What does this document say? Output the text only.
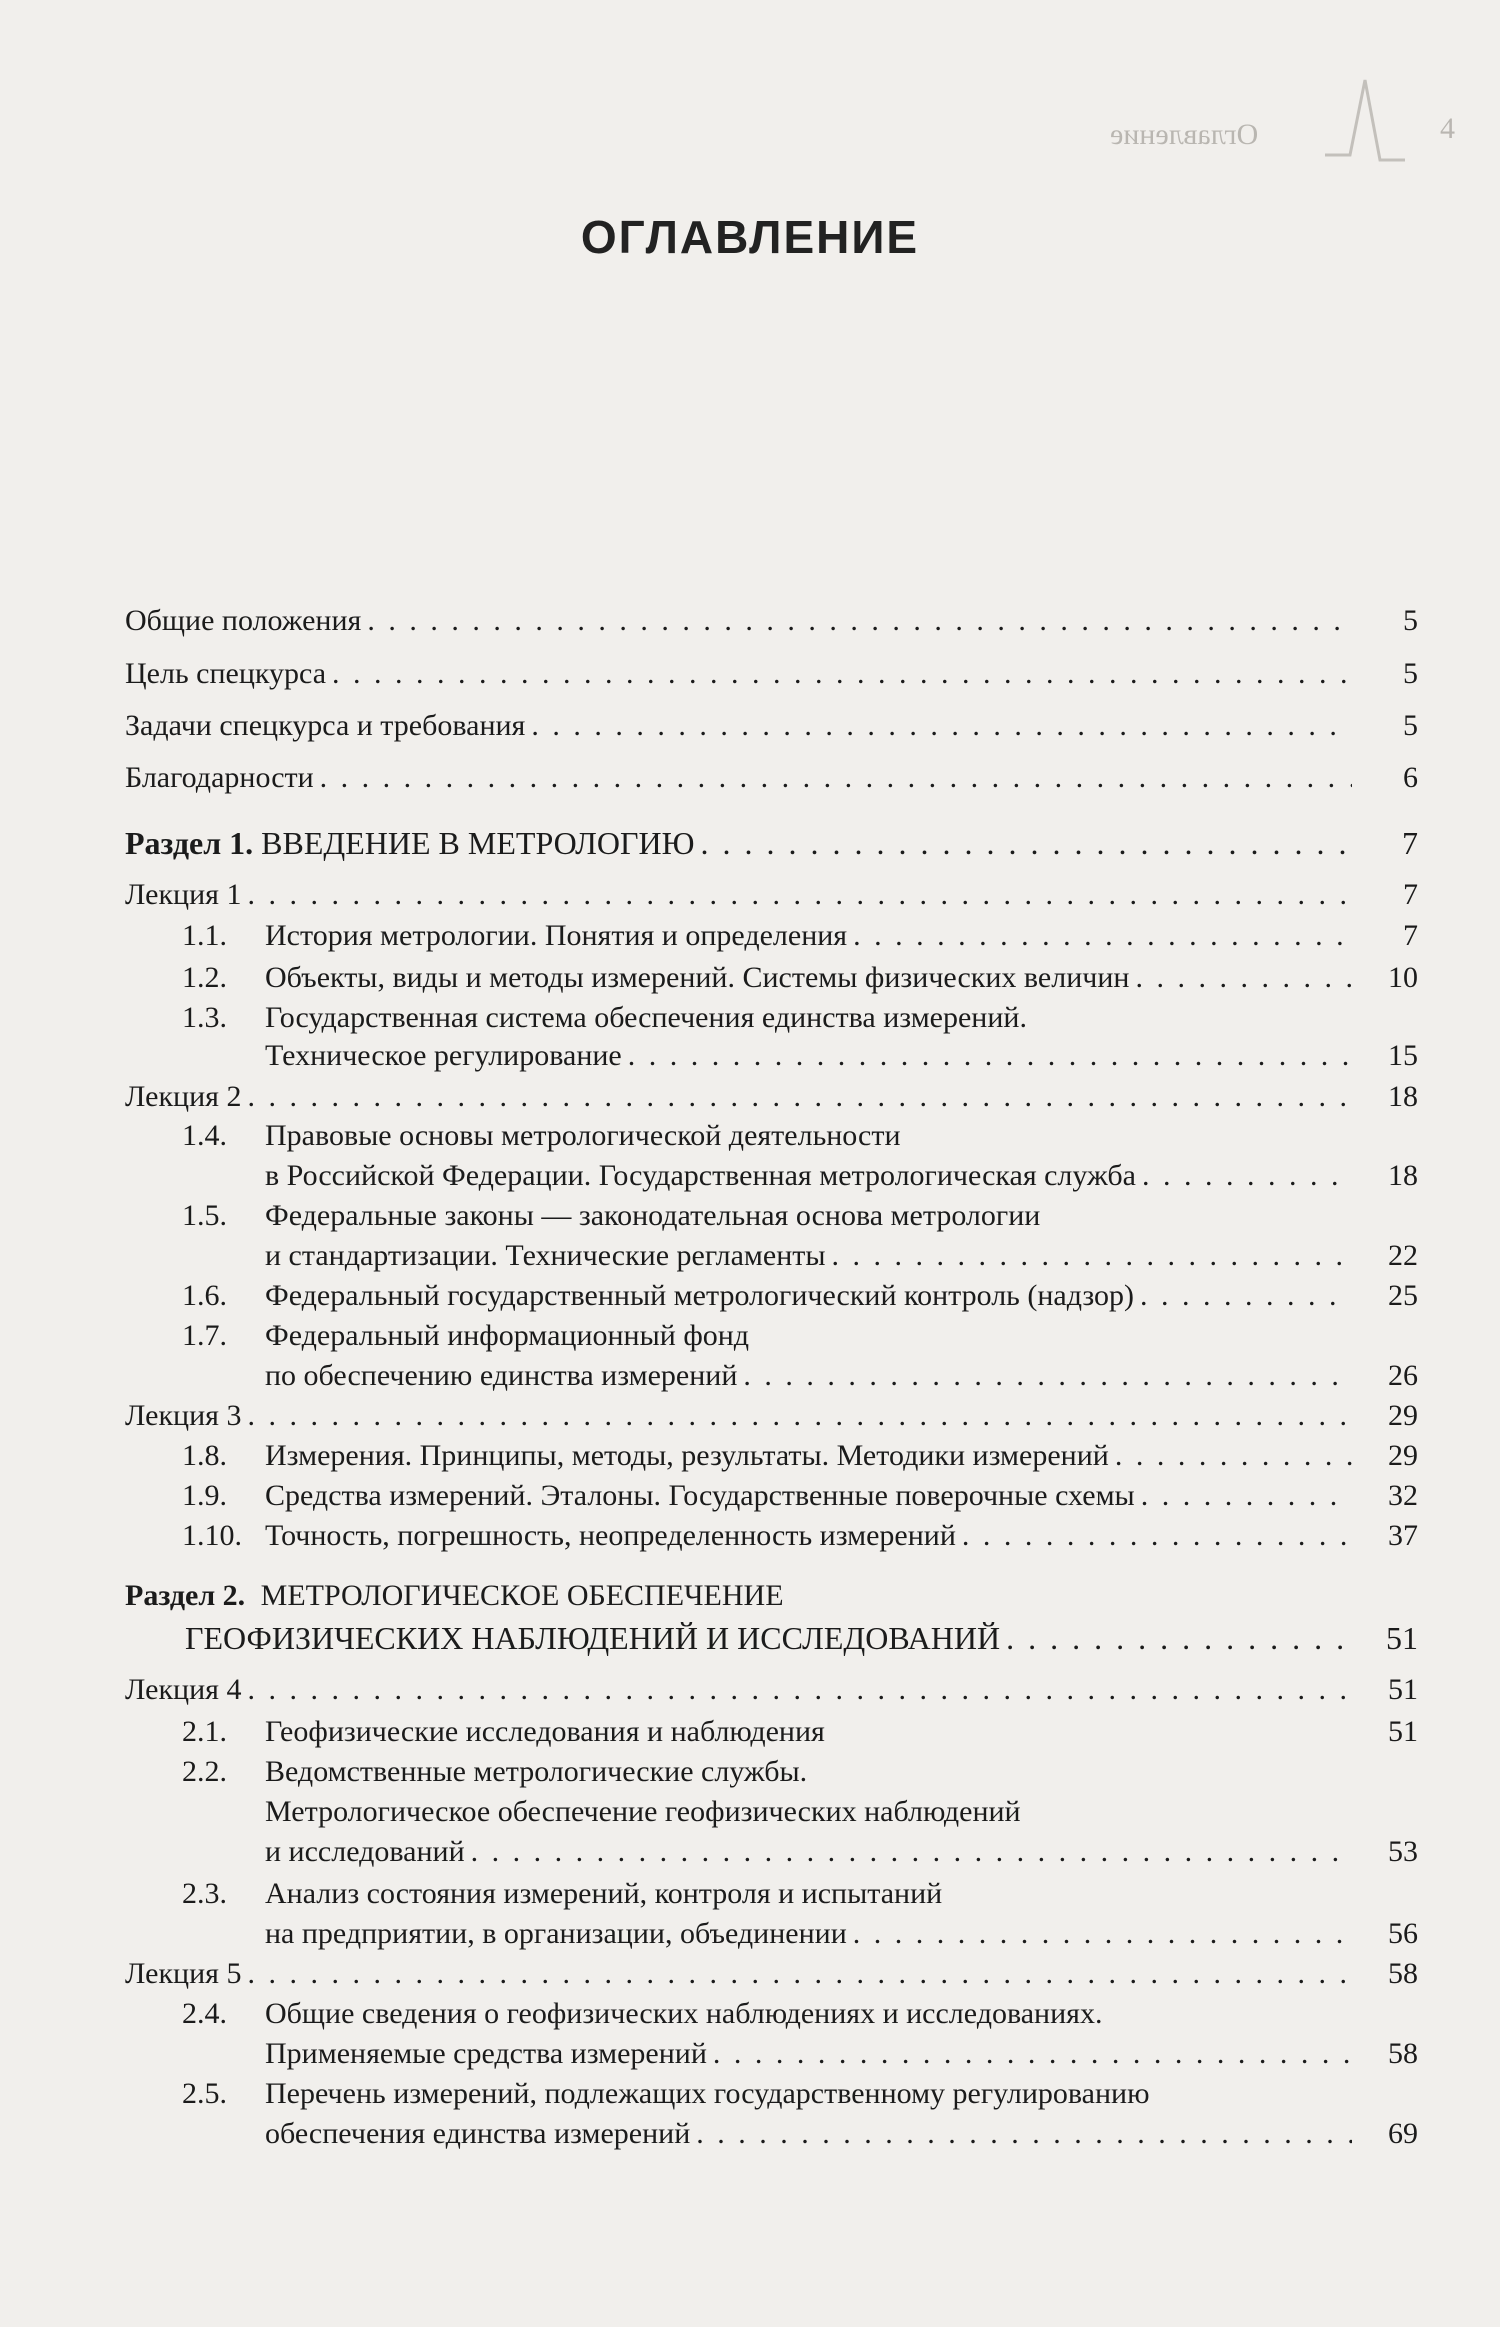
Оглавление	4
ОГЛАВЛЕНИЕ
Общие положения . . .	5
Цель спецкурса . . .	5
Задачи спецкурса и требования . . .	5
Благодарности . . .	6
Раздел 1. ВВЕДЕНИЕ В МЕТРОЛОГИЮ . . .	7
Лекция 1 . . .	7
1.1. История метрологии. Понятия и определения . . .	7
1.2. Объекты, виды и методы измерений. Системы физических величин . . .	10
1.3. Государственная система обеспечения единства измерений.
Техническое регулирование . . .	15
Лекция 2 . . .	18
1.4. Правовые основы метрологической деятельности
в Российской Федерации. Государственная метрологическая служба . . .	18
1.5. Федеральные законы — законодательная основа метрологии
и стандартизации. Технические регламенты . . .	22
1.6. Федеральный государственный метрологический контроль (надзор) . . .	25
1.7. Федеральный информационный фонд
по обеспечению единства измерений . . .	26
Лекция 3 . . .	29
1.8. Измерения. Принципы, методы, результаты. Методики измерений . . .	29
1.9. Средства измерений. Эталоны. Государственные поверочные схемы . . .	32
1.10. Точность, погрешность, неопределенность измерений . . .	37
Раздел 2. МЕТРОЛОГИЧЕСКОЕ ОБЕСПЕЧЕНИЕ
ГЕОФИЗИЧЕСКИХ НАБЛЮДЕНИЙ И ИССЛЕДОВАНИЙ . . .	51
Лекция 4 . . .	51
2.1. Геофизические исследования и наблюдения	51
2.2. Ведомственные метрологические службы.
Метрологическое обеспечение геофизических наблюдений
и исследований . . .	53
2.3. Анализ состояния измерений, контроля и испытаний
на предприятии, в организации, объединении . . .	56
Лекция 5 . . .	58
2.4. Общие сведения о геофизических наблюдениях и исследованиях.
Применяемые средства измерений . . .	58
2.5. Перечень измерений, подлежащих государственному регулированию
обеспечения единства измерений . . .	69
